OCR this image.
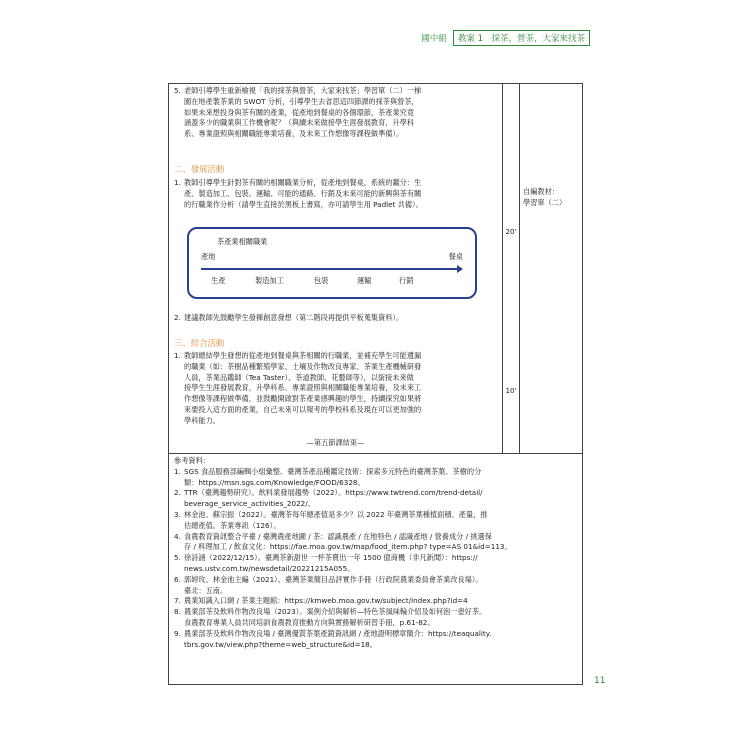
國中組	教案 1　採茶，營茶，大家來找茶
5. 老師引導學生重新檢視「我的採茶與營茶，大家來找茶」學習單（二）一梯
園在地產製茶業的 SWOT 分析，引導學生去省思這四節課的採茶與營茶，
如果未來想投身與茶有關的產業，從產地到餐桌的各個環節，茶產業究竟
涵蓋多少的職業與工作機會呢？（與續未來做接學生涯發展教育，升學科
系、專業證照與相關職能專業培養，及未來工作想像等課程做準備）。
二、發展活動
1. 教師引導學生針對茶有關的相關職業分析，從產地到餐桌，系統的鑑分：生
產、製造加工、包裝、運輸、可能的通路、行銷及未來可能的新興與茶有關
的行職業作分析（請學生直接於黑板上書寫，亦可請學生用 Padlet 共備）。
茶產業相關職業
產地	餐桌
生產	製造加工	包裝	運輸	行銷
2. 建議教師先鼓勵學生發揮創意發想（第二階段再提供平板蒐集資料）。
三、綜合活動
1. 教師總結學生發想的從產地到餐桌與茶相關的行職業，並補充學生可能遺漏
的職業（如：茶樹品種繁殖學家、土壤及作物改良專家、茶業生產機械研發
人員，茶業品鑑師（Tea Taster）、茶道教師、花藝師等），以銜接未來做
接學生生涯發展教育，升學科系、專業證照與相關職能專業培養，及未來工
作想像等課程做準備，並鼓勵開啟對茶產業感興趣的學生，持續探究如果將
來要投入這方面的產業，自己未來可以報考的學校科系及現在可以更加強的
學科能力。
—第五節課結束—
20'
10'
自編教材：
學習單（二）
參考資料：
1. SGS 食品服務部編輯小組彙整。臺灣茶產品種鑑定技術：探索多元特色的臺灣茶葉、茶樹的分
類：https://msn.sgs.com/Knowledge/FOOD/6328。
2. TTR（臺灣趨勢研究）。飲料業發展趨勢（2022）。https://www.twtrend.com/trend-detail/
beverage_service_activities_2022/。
3. 林金池、蘇宗振（2022）。臺灣茶每年總產值是多少？以 2022 年臺灣茶葉種植面積、產量，推
估總產值。茶業專訊（126）。
4. 食農教育資訊整合平臺 / 臺灣農產地圖 / 茶：認識農產 / 在地特色 / 認識產地 / 營養成分 / 挑選保
存 / 料理加工 / 飲食文化：https://fae.moa.gov.tw/map/food_item.php? type=AS 01&id=113。
5. 徐詩涵（2022/12/15）。臺灣茶新甜世 一杯茶賣出一年 1500 億商機（非凡新聞）：https://
news.ustv.com.tw/newsdetail/20221215A055。
6. 郭婷玫、林金池主編（2021）。臺灣茶業簡目品評實作手冊（行政院農業委員會茶業改良場）。
臺北：五南。
7. 農業知識入口網 / 茶業主題館：https://kmweb.moa.gov.tw/subject/index.php?id=4
8. 農業部茶及飲料作物改良場（2023）。案例介紹與解析—特色茶風味輪介紹及如何泡一壺好茶。
食農教育專業人員共同培訓食農教育推動方向與實務解析研習手冊，p.61-82。
9. 農業部茶及飲料作物改良場 / 臺灣優質茶葉產銷資訊網 / 產地證明標章簡介：https://teaquality.
tbrs.gov.tw/view.php?theme=web_structure&id=18。
11
